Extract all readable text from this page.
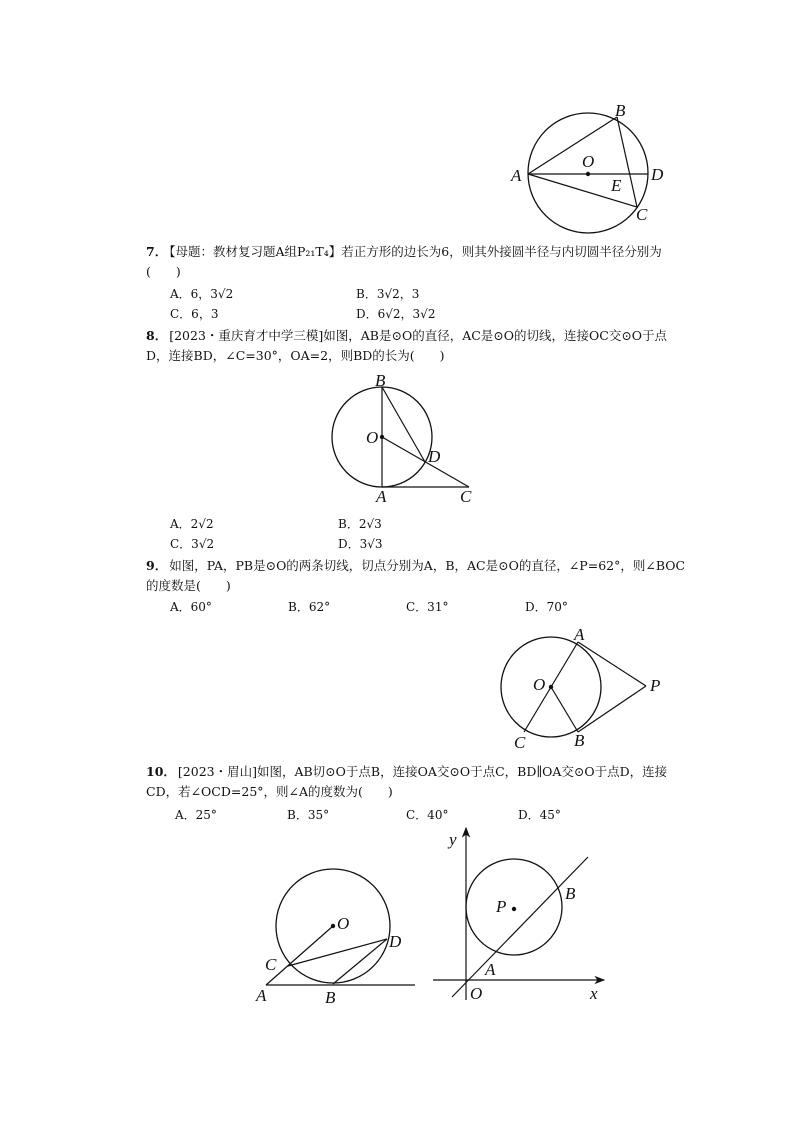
A
B
O
E
D
C
7． 【母题：教材复习题A组P₂₁T₄】若正方形的边长为6，则其外接圆半径与内切圆半径分别为(　　)
A．6，3√2	B．3√2，3
C．6，3	D．6√2，3√2
8． [2023・重庆育才中学三模]如图，AB是⊙O的直径，AC是⊙O的切线，连接OC交⊙O于点D，连接BD，∠C=30°，OA=2，则BD的长为(　　)
B
O
D
A	C
A．2√2	B．2√3
C．3√2	D．3√3
9． 如图，PA，PB是⊙O的两条切线，切点分别为A，B，AC是⊙O的直径，∠P=62°，则∠BOC的度数是(　　)
A．60°	B．62°	C．31°	D．70°
A
O	P
C	B
10． [2023・眉山]如图，AB切⊙O于点B，连接OA交⊙O于点C，BD∥OA交⊙O于点D，连接CD，若∠OCD=25°，则∠A的度数为(　　)
A．25°	B．35°	C．40°	D．45°
O
D
C
A	B
y
P
B
A
O	x
